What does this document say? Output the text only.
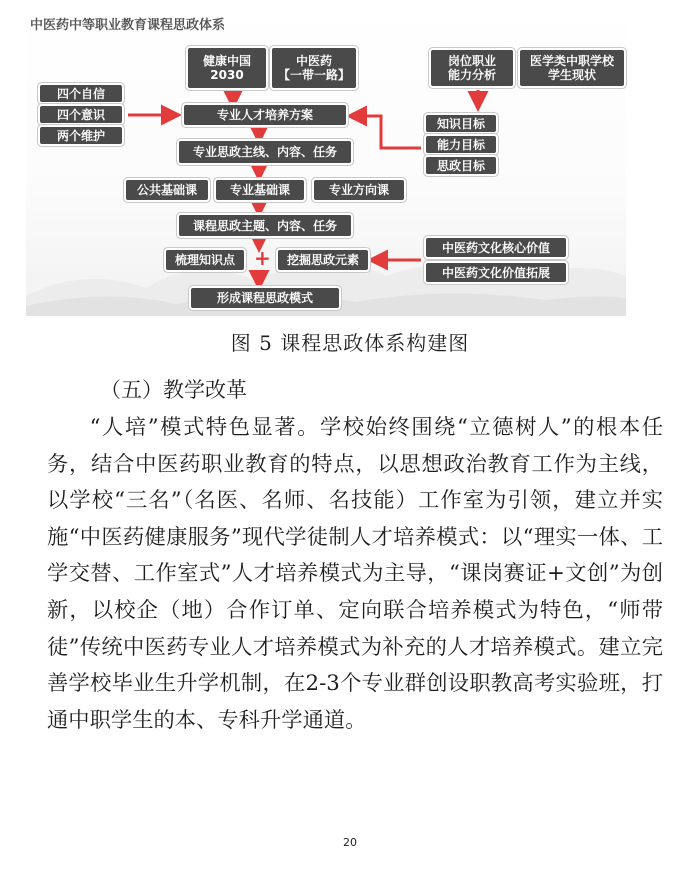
中医药中等职业教育课程思政体系
健康中国
2030
中医药
【一带一路】
岗位职业
能力分析
医学类中职学校
学生现状
四个自信
四个意识
两个维护
专业人才培养方案
知识目标
能力目标
思政目标
专业思政主线、内容、任务
公共基础课	专业基础课	专业方向课
课程思政主题、内容、任务
梳理知识点 +	挖掘思政元素
中医药文化核心价值
中医药文化价值拓展
形成课程思政模式
图 5 课程思政体系构建图
（五）教学改革

“人培”模式特色显著。学校始终围绕“立德树人”的根本任务，结合中医药职业教育的特点，以思想政治教育工作为主线，以学校“三名”（名医、名师、名技能）工作室为引领，建立并实施“中医药健康服务”现代学徒制人才培养模式：以“理实一体、工学交替、工作室式”人才培养模式为主导，“课岗赛证+文创”为创新，以校企（地）合作订单、定向联合培养模式为特色，“师带徒”传统中医药专业人才培养模式为补充的人才培养模式。建立完善学校毕业生升学机制，在2-3个专业群创设职教高考实验班，打通中职学生的本、专科升学通道。

20
